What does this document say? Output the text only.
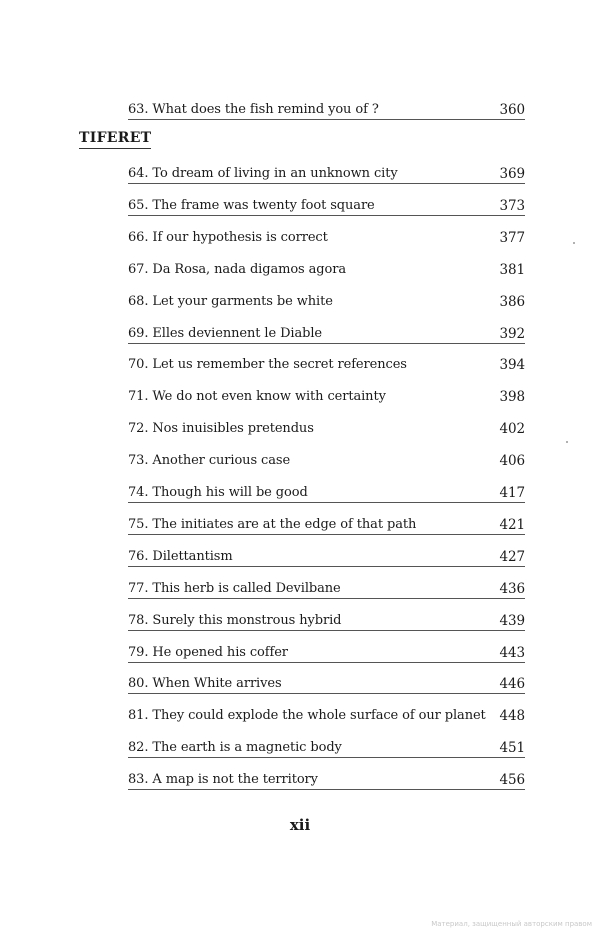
63. What does the fish remind you of ?	360
TIFERET
64. To dream of living in an unknown city	369
65. The frame was twenty foot square	373
66. If our hypothesis is correct	377
67. Da Rosa, nada digamos agora	381
68. Let your garments be white	386
69. Elles deviennent le Diable	392
70. Let us remember the secret references	394
71. We do not even know with certainty	398
72. Nos inuisibles pretendus	402
73. Another curious case	406
74. Though his will be good	417
75. The initiates are at the edge of that path	421
76. Dilettantism	427
77. This herb is called Devilbane	436
78. Surely this monstrous hybrid	439
79. He opened his coffer	443
80. When White arrives	446
81. They could explode the whole surface of our planet 448
82. The earth is a magnetic body	451
83. A map is not the territory	456
xii
Материал, защищенный авторским правом
